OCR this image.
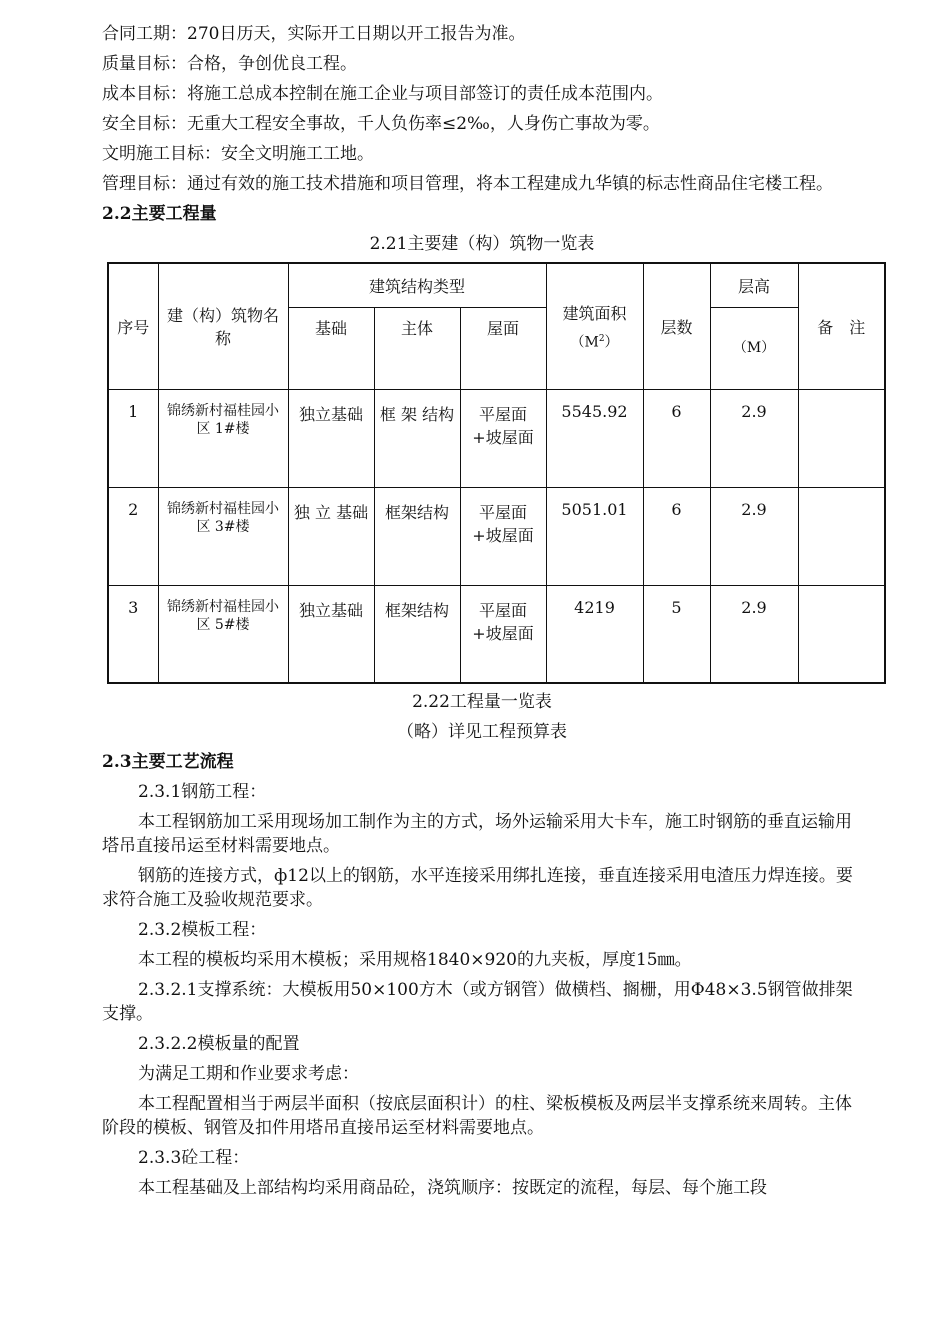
合同工期：270日历天，实际开工日期以开工报告为准。

质量目标：合格，争创优良工程。

成本目标：将施工总成本控制在施工企业与项目部签订的责任成本范围内。

安全目标：无重大工程安全事故，千人负伤率≤2‰，人身伤亡事故为零。

文明施工目标：安全文明施工工地。

管理目标：通过有效的施工技术措施和项目管理，将本工程建成九华镇的标志性商品住宅楼工程。

2.2主要工程量

2.21主要建（构）筑物一览表

序号	建（构）筑物名称	建筑结构类型			建筑面积
$(M^2)$	层数	层高	备　注
		基础	主体	屋面			（M）	
1	锦绣新村福桂园小区 1#楼	独立基础	框 架 结构	平屋面+坡屋面	5545.92	6	2.9	
2	锦绣新村福桂园小区 3#楼	独 立 基础	框架结构	平屋面+坡屋面	5051.01	6	2.9	
3	锦绣新村福桂园小区 5#楼	独立基础	框架结构	平屋面+坡屋面	4219	5	2.9	

2.22工程量一览表

（略）详见工程预算表

2.3主要工艺流程

2.3.1钢筋工程：

本工程钢筋加工采用现场加工制作为主的方式，场外运输采用大卡车，施工时钢筋的垂直运输用塔吊直接吊运至材料需要地点。

钢筋的连接方式，ф12以上的钢筋，水平连接采用绑扎连接，垂直连接采用电渣压力焊连接。要求符合施工及验收规范要求。

2.3.2模板工程：

本工程的模板均采用木模板；采用规格1840×920的九夹板，厚度15㎜。

2.3.2.1支撑系统：大模板用50×100方木（或方钢管）做横档、搁栅，用Φ48×3.5钢管做排架支撑。

2.3.2.2模板量的配置

为满足工期和作业要求考虑：

本工程配置相当于两层半面积（按底层面积计）的柱、梁板模板及两层半支撑系统来周转。主体阶段的模板、钢管及扣件用塔吊直接吊运至材料需要地点。

2.3.3砼工程：

本工程基础及上部结构均采用商品砼，浇筑顺序：按既定的流程，每层、每个施工段
